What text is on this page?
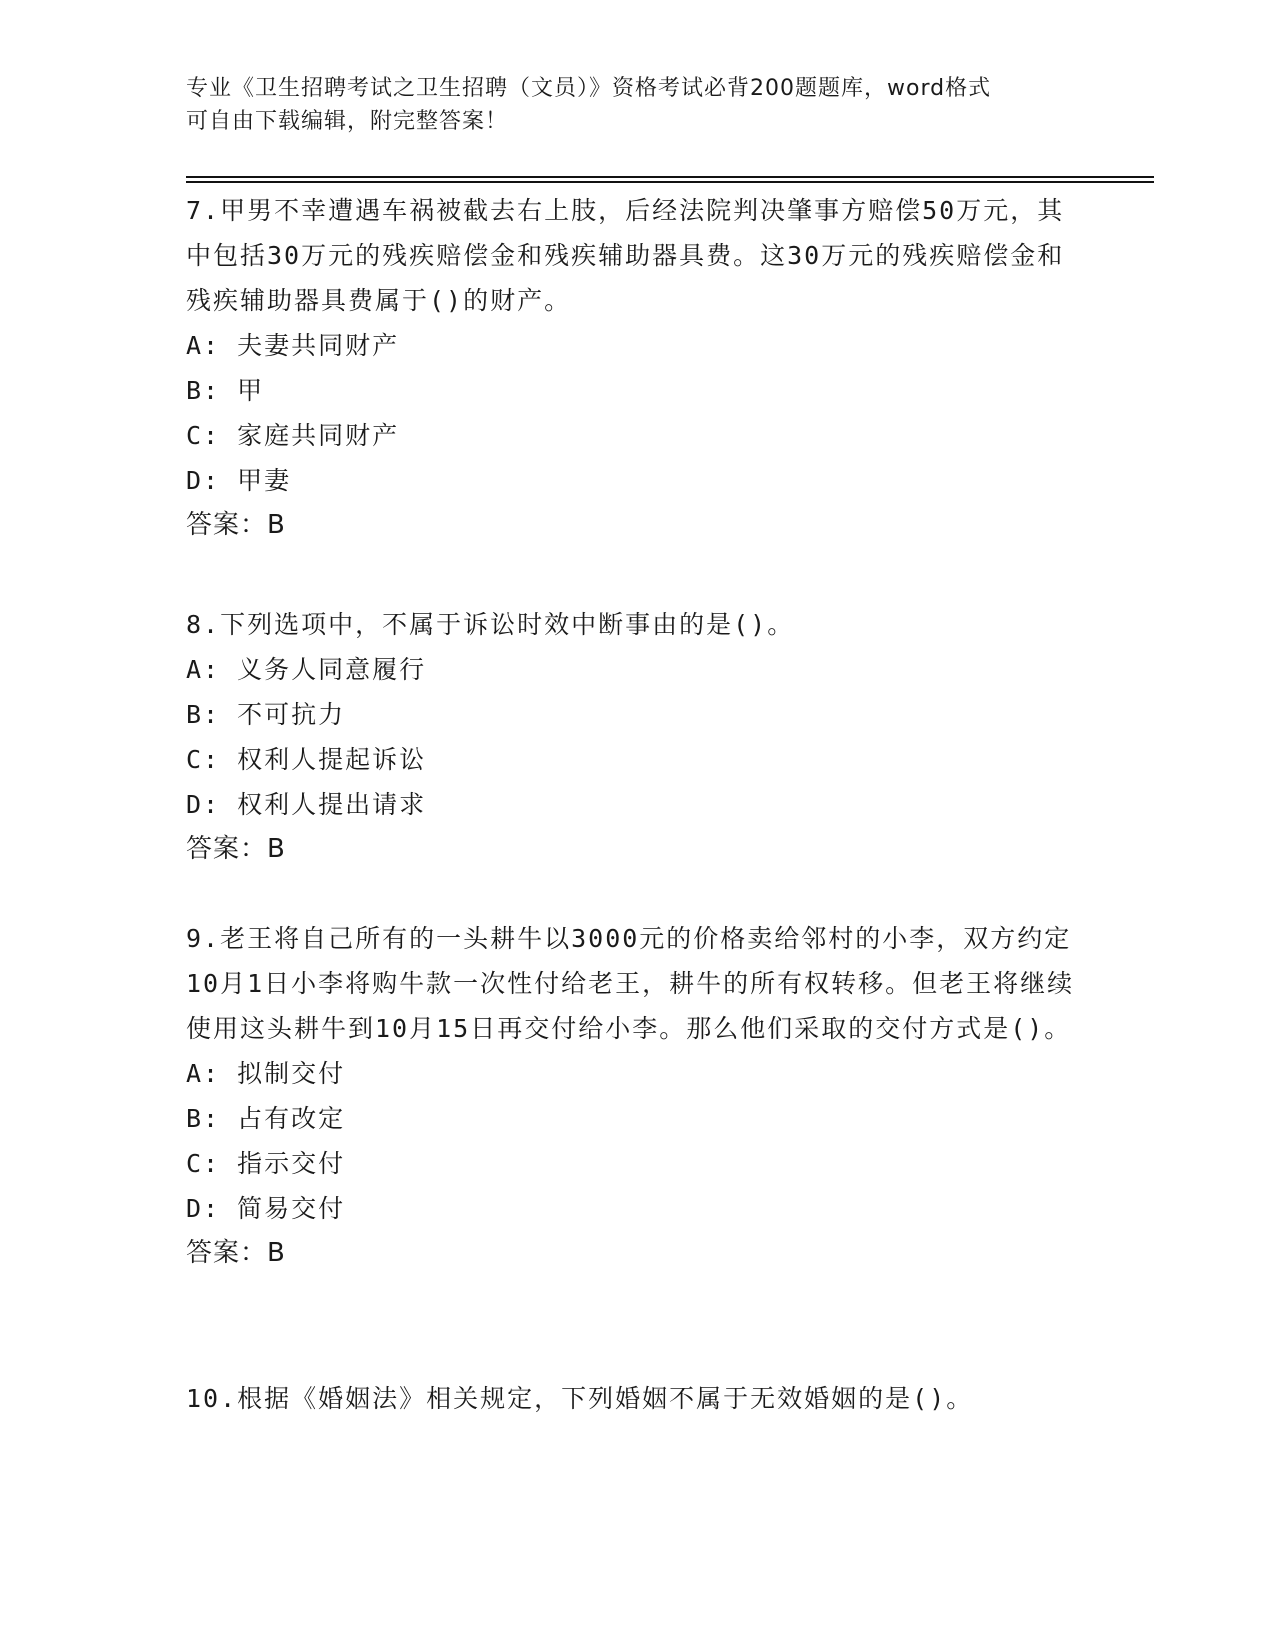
专业《卫生招聘考试之卫生招聘（文员）》资格考试必背200题题库，word格式
可自由下载编辑，附完整答案！

7.甲男不幸遭遇车祸被截去右上肢，后经法院判决肇事方赔偿50万元，其中包括30万元的残疾赔偿金和残疾辅助器具费。这30万元的残疾赔偿金和残疾辅助器具费属于()的财产。

A: 夫妻共同财产
B: 甲
C: 家庭共同财产
D: 甲妻
答案：B

8.下列选项中，不属于诉讼时效中断事由的是()。

A: 义务人同意履行
B: 不可抗力
C: 权利人提起诉讼
D: 权利人提出请求
答案：B

9.老王将自己所有的一头耕牛以3000元的价格卖给邻村的小李，双方约定10月1日小李将购牛款一次性付给老王，耕牛的所有权转移。但老王将继续使用这头耕牛到10月15日再交付给小李。那么他们采取的交付方式是()。

A: 拟制交付
B: 占有改定
C: 指示交付
D: 简易交付
答案：B

10.根据《婚姻法》相关规定，下列婚姻不属于无效婚姻的是()。
